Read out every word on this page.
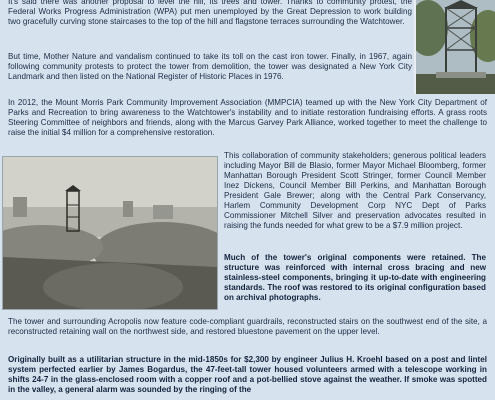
It's said there was another proposal to level the hill, its trees and tower. Thanks to community protest, the Federal Works Progress Administration (WPA) put men unemployed by the Great Depression to work building two gracefully curving stone staircases to the top of the hill and flagstone terraces surrounding the Watchtower.
But time, Mother Nature and vandalism continued to take its toll on the cast iron tower. Finally, in 1967, again following community protests to protect the tower from demolition, the tower was designated a New York City Landmark and then listed on the National Register of Historic Places in 1976.
In 2012, the Mount Morris Park Community Improvement Association (MMPCIA) teamed up with the New York City Department of Parks and Recreation to bring awareness to the Watchtower's instability and to initiate restoration fundraising efforts. A grass roots Steering Committee of neighbors and friends, along with the Marcus Garvey Park Alliance, worked together to meet the challenge to raise the initial $4 million for a comprehensive restoration.
This collaboration of community stakeholders; generous political leaders including Mayor Bill de Blasio, former Mayor Michael Bloomberg, former Manhattan Borough President Scott Stringer, former Council Member Inez Dickens, Council Member Bill Perkins, and Manhattan Borough President Gale Brewer; along with the Central Park Conservancy, Harlem Community Development Corp NYC Dept of Parks Commissioner Mitchell Silver and preservation advocates resulted in raising the funds needed for what grew to be a $7.9 million project.
Much of the tower's original components were retained. The structure was reinforced with internal cross bracing and new stainless-steel components, bringing it up-to-date with engineering standards. The roof was restored to its original configuration based on archival photographs.
The tower and surrounding Acropolis now feature code-compliant guardrails, reconstructed stairs on the southwest end of the site, a reconstructed retaining wall on the northwest side, and restored bluestone pavement on the upper level.
Originally built as a utilitarian structure in the mid-1850s for $2,300 by engineer Julius H. Kroehl based on a post and lintel system perfected earlier by James Bogardus, the 47-feet-tall tower housed volunteers armed with a telescope working in shifts 24-7 in the glass-enclosed room with a copper roof and a pot-bellied stove against the weather. If smoke was spotted in the valley, a general alarm was sounded by the ringing of the
